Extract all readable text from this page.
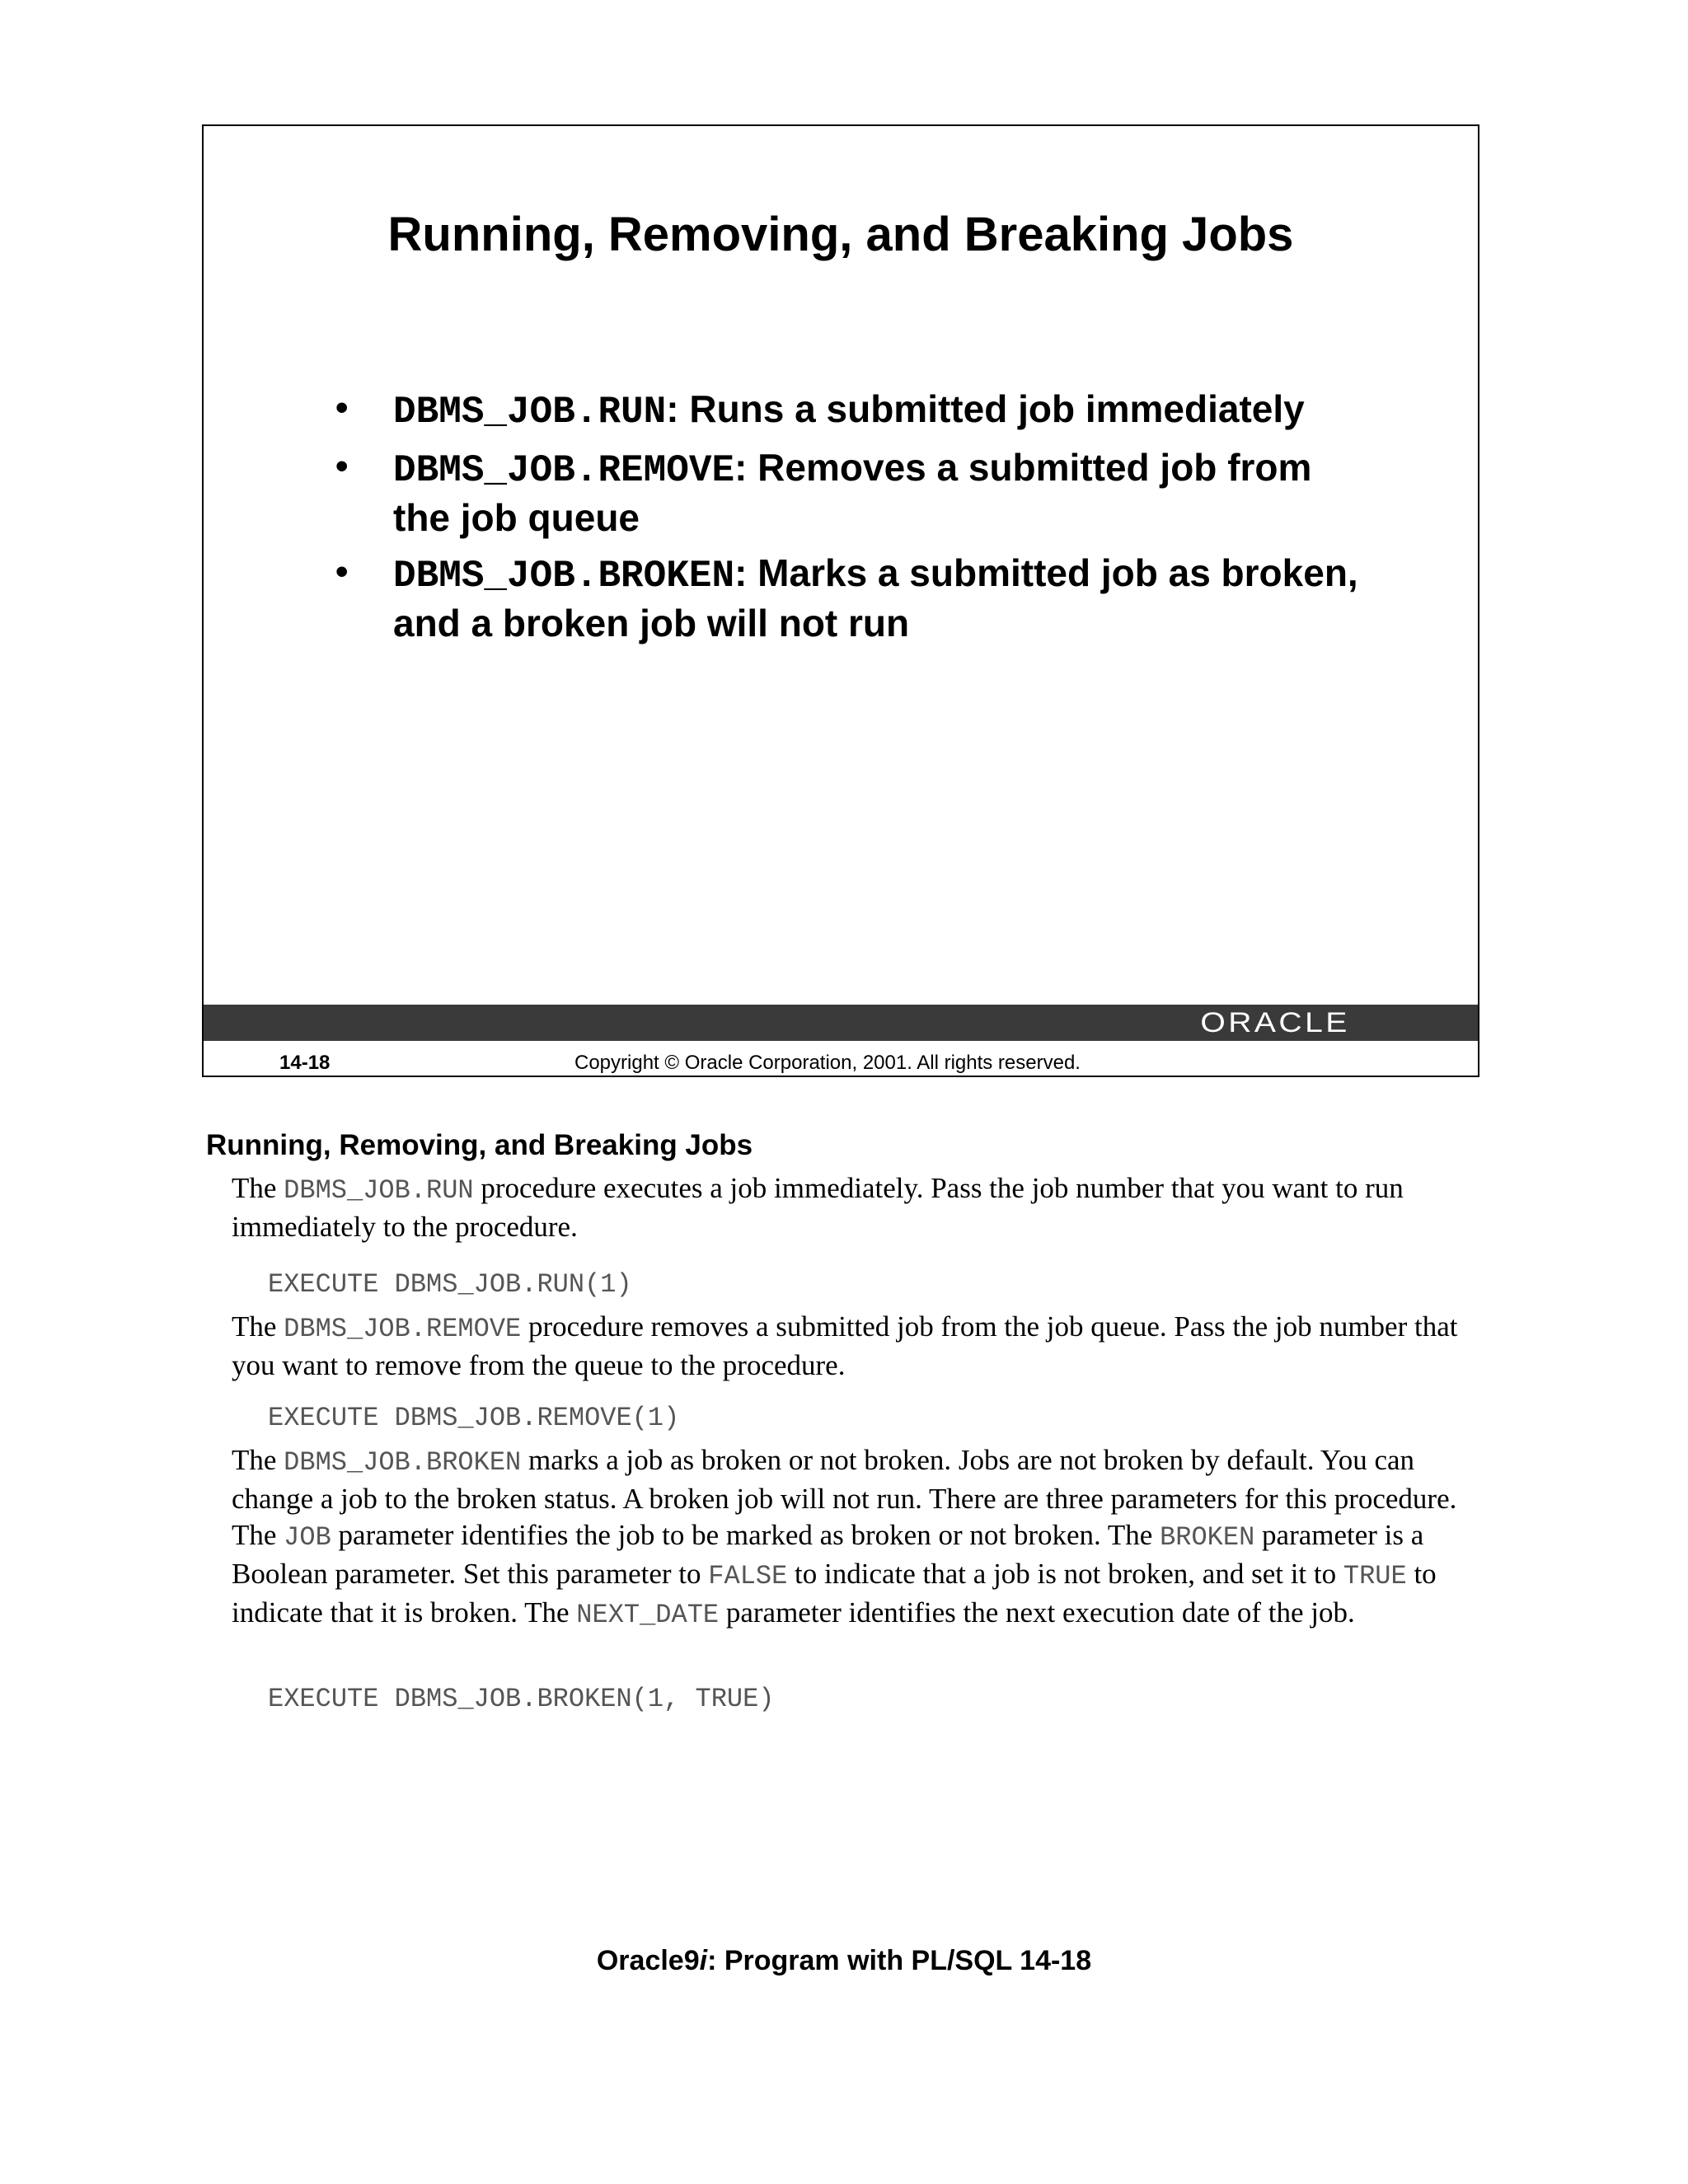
Running, Removing, and Breaking Jobs
• DBMS_JOB.RUN: Runs a submitted job immediately
• DBMS_JOB.REMOVE: Removes a submitted job from the job queue
• DBMS_JOB.BROKEN: Marks a submitted job as broken, and a broken job will not run
ORACLE
14-18	Copyright © Oracle Corporation, 2001. All rights reserved.
Running, Removing, and Breaking Jobs

The DBMS_JOB.RUN procedure executes a job immediately. Pass the job number that you want to run immediately to the procedure.

EXECUTE DBMS_JOB.RUN(1)

The DBMS_JOB.REMOVE procedure removes a submitted job from the job queue. Pass the job number that you want to remove from the queue to the procedure.

EXECUTE DBMS_JOB.REMOVE(1)

The DBMS_JOB.BROKEN marks a job as broken or not broken. Jobs are not broken by default. You can change a job to the broken status. A broken job will not run. There are three parameters for this procedure. The JOB parameter identifies the job to be marked as broken or not broken. The BROKEN parameter is a Boolean parameter. Set this parameter to FALSE to indicate that a job is not broken, and set it to TRUE to indicate that it is broken. The NEXT_DATE parameter identifies the next execution date of the job.

EXECUTE DBMS_JOB.BROKEN(1, TRUE)
Oracle9i: Program with PL/SQL 14-18
